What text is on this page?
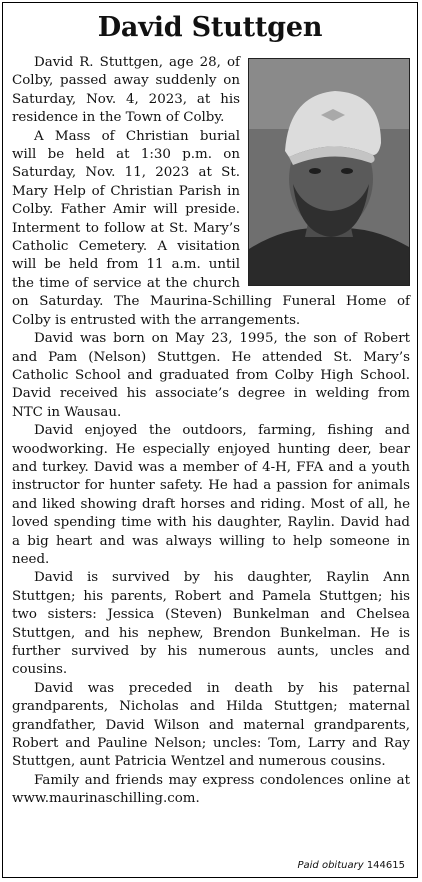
David Stuttgen

David R. Stuttgen, age 28, of Colby, passed away suddenly on Saturday, Nov. 4, 2023, at his residence in the Town of Colby.

A Mass of Christian burial will be held at 1:30 p.m. on Saturday, Nov. 11, 2023 at St. Mary Help of Christian Parish in Colby. Father Amir will preside. Interment to follow at St. Mary’s Catholic Cemetery. A visitation will be held from 11 a.m. until the time of service at the church on Saturday. The Maurina-Schilling Funeral Home of Colby is entrusted with the arrangements.

David was born on May 23, 1995, the son of Robert and Pam (Nelson) Stuttgen. He attended St. Mary’s Catholic School and graduated from Colby High School. David received his associate’s degree in welding from NTC in Wausau.

David enjoyed the outdoors, farming, fishing and woodworking. He especially enjoyed hunting deer, bear and turkey. David was a member of 4-H, FFA and a youth instructor for hunter safety. He had a passion for animals and liked showing draft horses and riding. Most of all, he loved spending time with his daughter, Raylin. David had a big heart and was always willing to help someone in need.

David is survived by his daughter, Raylin Ann Stuttgen; his parents, Robert and Pamela Stuttgen; his two sisters: Jessica (Steven) Bunkelman and Chelsea Stuttgen, and his nephew, Brendon Bunkelman. He is further survived by his numerous aunts, uncles and cousins.

David was preceded in death by his paternal grandparents, Nicholas and Hilda Stuttgen; maternal grandfather, David Wilson and maternal grandparents, Robert and Pauline Nelson; uncles: Tom, Larry and Ray Stuttgen, aunt Patricia Wentzel and numerous cousins.

Family and friends may express condolences online at www.maurinaschilling.com.

Paid obituary 144615
